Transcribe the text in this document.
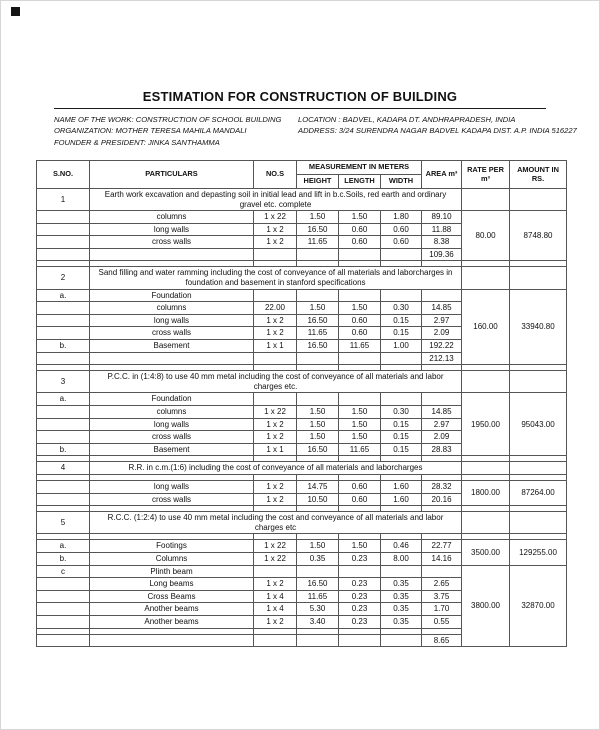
ESTIMATION FOR CONSTRUCTION OF BUILDING
NAME OF THE WORK: CONSTRUCTION OF SCHOOL BUILDING	LOCATION : BADVEL, KADAPA DT. ANDHRAPRADESH, INDIA
ORGANIZATION: MOTHER TERESA MAHILA MANDALI	ADDRESS: 3/24 SURENDRA NAGAR BADVEL KADAPA DIST. A.P. INDIA 516227
FOUNDER & PRESIDENT: JINKA SANTHAMMA
S.NO.	PARTICULARS	NO.S	MEASUREMENT IN METERS			AREA m³	RATE PER m³	AMOUNT IN RS.
			HEIGHT	LENGTH	WIDTH			
1	Earth work excavation and depasting soil in initial lead and lift in b.c.Soils, red earth and ordinary gravel etc. complete							
	columns	1 x 22	1.50	1.50	1.80	89.10	80.00	8748.80
	long walls	1 x 2	16.50	0.60	0.60	11.88		
	cross walls	1 x 2	11.65	0.60	0.60	8.38		
						109.36		

2	Sand filling and water ramming including the cost of conveyance of all materials and laborcharges in foundation and basement in stanford specifications							
a.	Foundation						160.00	33940.80
	columns	22.00	1.50	1.50	0.30	14.85		
	long walls	1 x 2	16.50	0.60	0.15	2.97		
	cross walls	1 x 2	11.65	0.60	0.15	2.09		
b.	Basement	1 x 1	16.50	11.65	1.00	192.22		
						212.13		

3	P.C.C. in (1:4:8) to use 40 mm metal including the cost of conveyance of all materials and labor charges etc.							
a.	Foundation						1950.00	95043.00
	columns	1 x 22	1.50	1.50	0.30	14.85		
	long walls	1 x 2	1.50	1.50	0.15	2.97		
	cross walls	1 x 2	1.50	1.50	0.15	2.09		
b.	Basement	1 x 1	16.50	11.65	0.15	28.83		

4	R.R. in c.m.(1:6) including the cost of conveyance of all materials and laborcharges							

	long walls	1 x 2	14.75	0.60	1.60	28.32	1800.00	87264.00
	cross walls	1 x 2	10.50	0.60	1.60	20.16		

5	R.C.C. (1:2:4) to use 40 mm metal including the cost and conveyance of all materials and labor charges etc							

a.	Footings	1 x 22	1.50	1.50	0.46	22.77	3500.00	129255.00
b.	Columns	1 x 22	0.35	0.23	8.00	14.16		
c	Plinth beam						3800.00	32870.00
	Long beams	1 x 2	16.50	0.23	0.35	2.65		
	Cross Beams	1 x 4	11.65	0.23	0.35	3.75		
	Another beams	1 x 4	5.30	0.23	0.35	1.70		
	Another beams	1 x 2	3.40	0.23	0.35	0.55		

						8.65		
